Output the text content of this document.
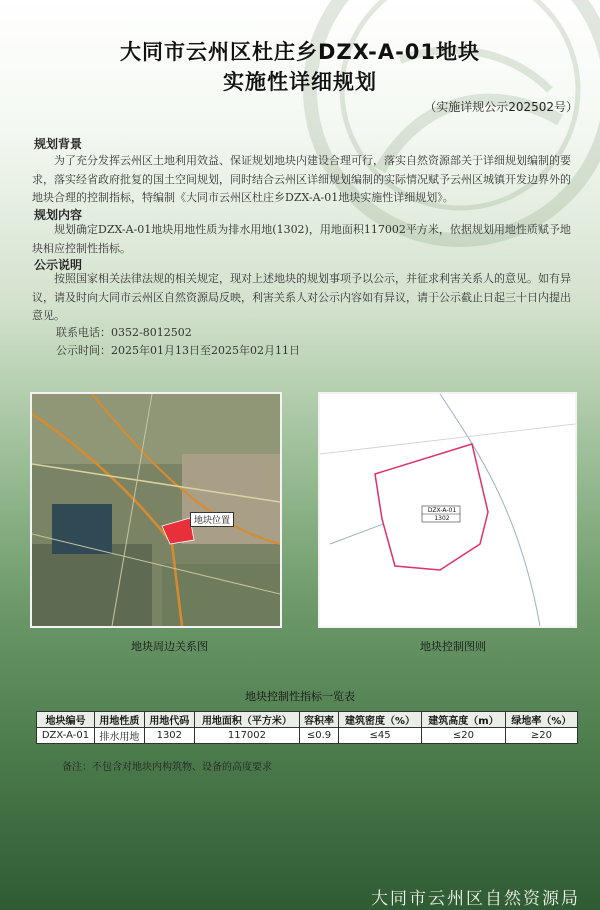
大同市云州区杜庄乡DZX-A-01地块
实施性详细规划
（实施详规公示202502号）
规划背景
为了充分发挥云州区土地利用效益、保证规划地块内建设合理可行，落实自然资源部关于详细规划编制的要求，落实经省政府批复的国土空间规划，同时结合云州区详细规划编制的实际情况赋予云州区城镇开发边界外的地块合理的控制指标，特编制《大同市云州区杜庄乡DZX-A-01地块实施性详细规划》。
规划内容
规划确定DZX-A-01地块用地性质为排水用地(1302)，用地面积117002平方米，依据规划用地性质赋予地块相应控制性指标。
公示说明
按照国家相关法律法规的相关规定，现对上述地块的规划事项予以公示，并征求利害关系人的意见。如有异议，请及时向大同市云州区自然资源局反映，利害关系人对公示内容如有异议，请于公示截止日起三十日内提出意见。
联系电话：0352-8012502
公示时间：2025年01月13日至2025年02月11日
地块位置
DZX-A-01
1302
地块周边关系图	地块控制图则
地块控制性指标一览表
地块编号	用地性质	用地代码	用地面积（平方米）	容积率	建筑密度（%）	建筑高度（m）	绿地率（%）
DZX-A-01	排水用地	1302	117002	≤0.9	≤45	≤20	≥20
备注：不包含对地块内构筑物、设备的高度要求
大同市云州区自然资源局
